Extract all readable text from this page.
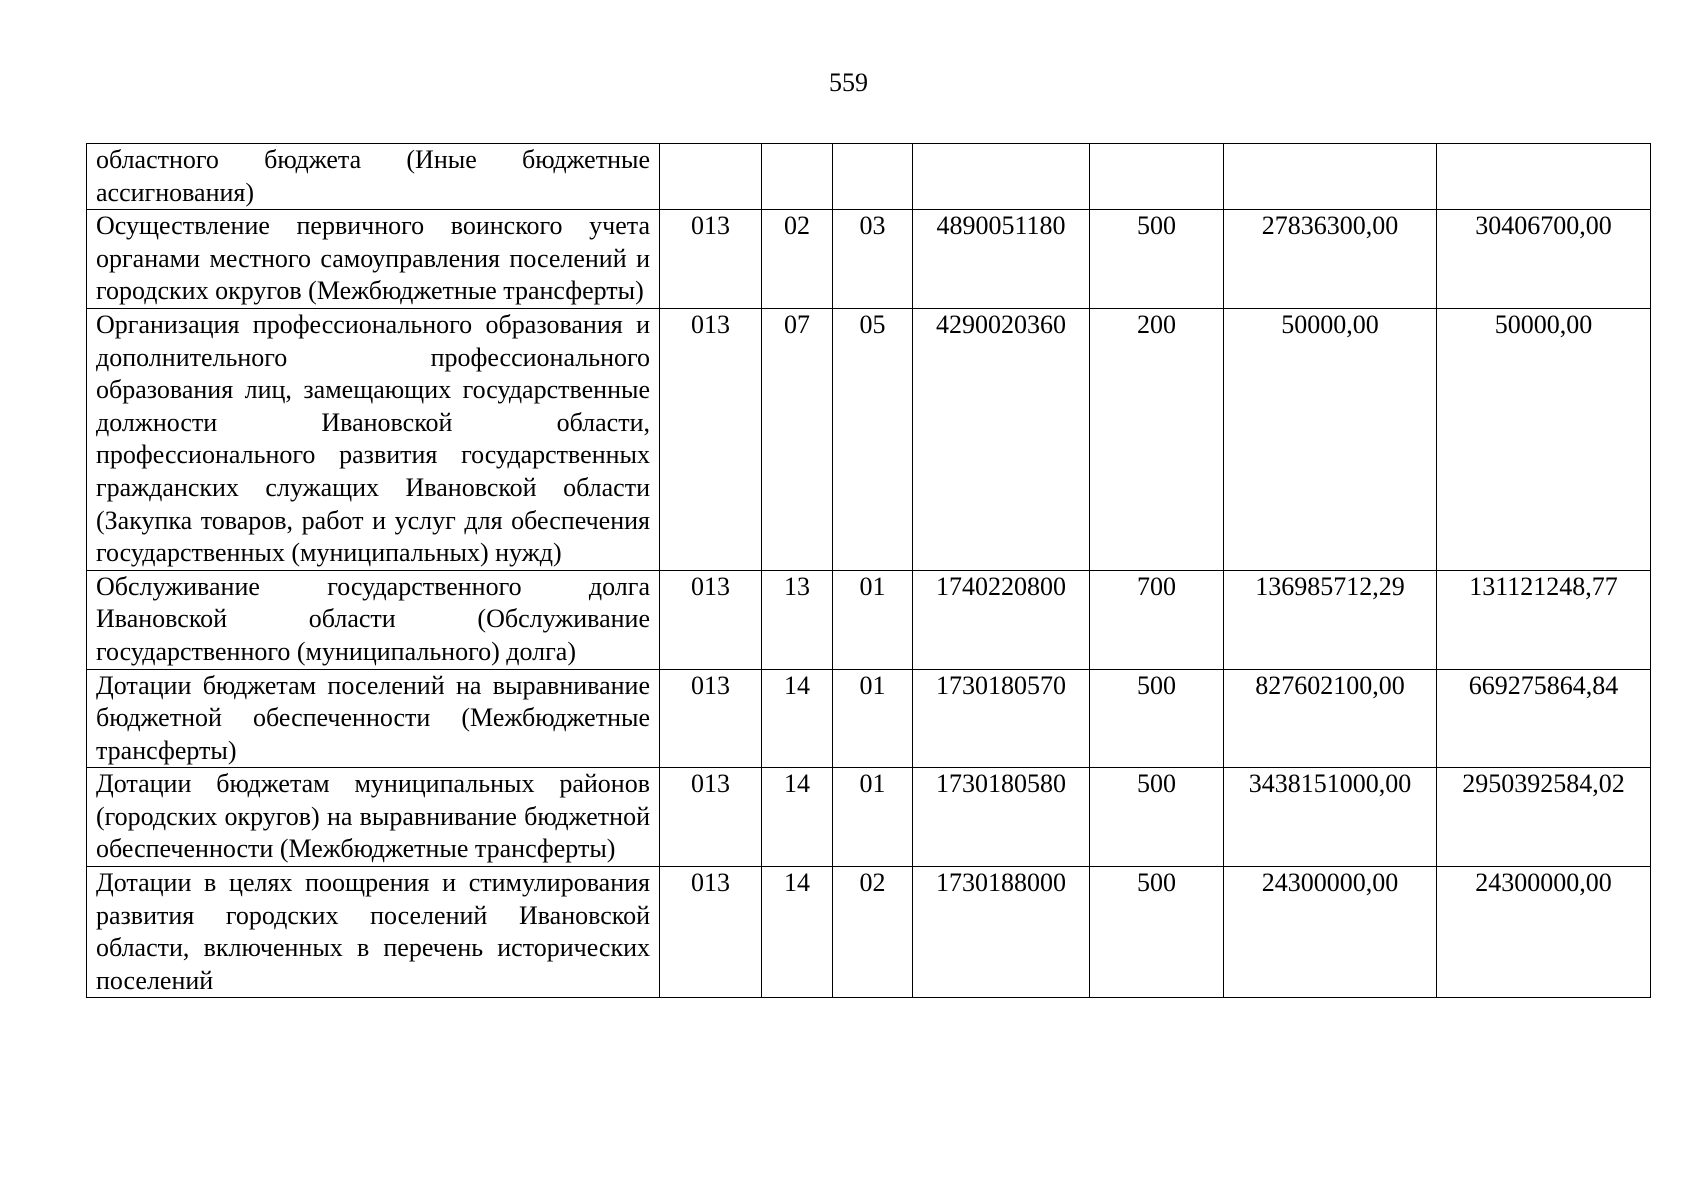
559
областного бюджета (Иные бюджетные ассигнования)							
Осуществление первичного воинского учета органами местного самоуправления поселений и городских округов (Межбюджетные трансферты)	013	02	03	4890051180	500	27836300,00	30406700,00
Организация профессионального образования и дополнительного профессионального образования лиц, замещающих государственные должности Ивановской области, профессионального развития государственных гражданских служащих Ивановской области (Закупка товаров, работ и услуг для обеспечения государственных (муниципальных) нужд)	013	07	05	4290020360	200	50000,00	50000,00
Обслуживание государственного долга Ивановской области (Обслуживание государственного (муниципального) долга)	013	13	01	1740220800	700	136985712,29	131121248,77
Дотации бюджетам поселений на выравнивание бюджетной обеспеченности (Межбюджетные трансферты)	013	14	01	1730180570	500	827602100,00	669275864,84
Дотации бюджетам муниципальных районов (городских округов) на выравнивание бюджетной обеспеченности (Межбюджетные трансферты)	013	14	01	1730180580	500	3438151000,00	2950392584,02
Дотации в целях поощрения и стимулирования развития городских поселений Ивановской области, включенных в перечень исторических поселений	013	14	02	1730188000	500	24300000,00	24300000,00
